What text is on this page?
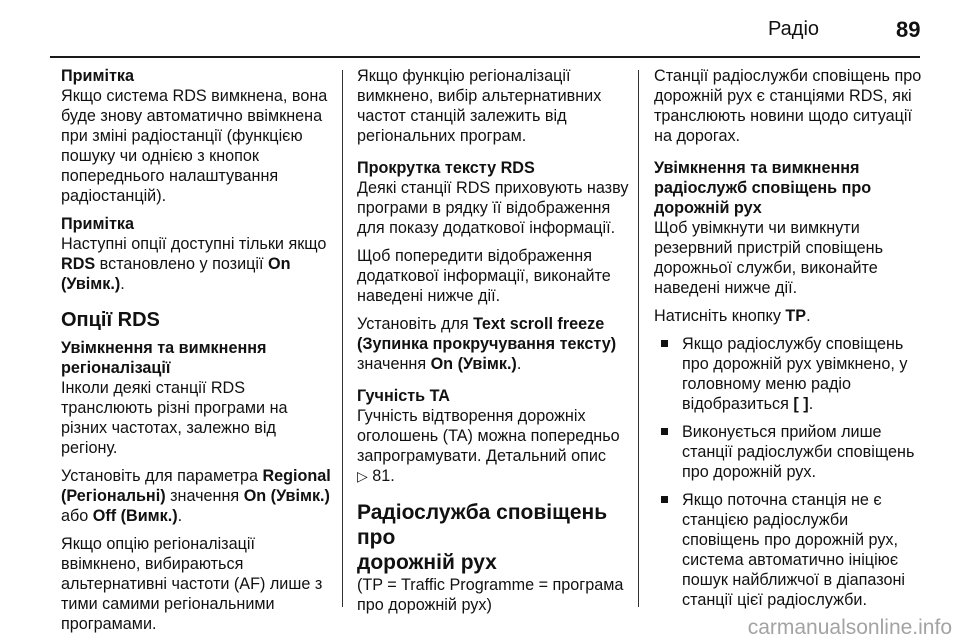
Радіо	89
Примітка

Якщо система RDS вимкнена, вона буде знову автоматично ввімкнена при зміні радіостанції (функцією пошуку чи однією з кнопок попереднього налаштування радіостанцій).

Примітка

Наступні опції доступні тільки якщо RDS встановлено у позиції On (Увімк.).

Опції RDS
Увімкнення та вимкнення
регіоналізації

Інколи деякі станції RDS транслюють різні програми на різних частотах, залежно від регіону.

Установіть для параметра Regional (Регіональні) значення On (Увімк.) або Off (Вимк.).

Якщо опцію регіоналізації ввімкнено, вибираються альтернативні частоти (AF) лише з тими самими регіональними програмами.

Якщо функцію регіоналізації вимкнено, вибір альтернативних частот станцій залежить від регіональних програм.

Прокрутка тексту RDS

Деякі станції RDS приховують назву програми в рядку її відображення для показу додаткової інформації.

Щоб попередити відображення додаткової інформації, виконайте наведені нижче дії.

Установіть для Text scroll freeze (Зупинка прокручування тексту) значення On (Увімк.).

Гучність TA

Гучність відтворення дорожніх оголошень (TA) можна попередньо запрограмувати. Детальний опис
▷ 81.

Радіослужба сповіщень про
дорожній рух

(TP = Traffic Programme = програма про дорожній рух)

Станції радіослужби сповіщень про дорожній рух є станціями RDS, які транслюють новини щодо ситуації на дорогах.

Увімкнення та вимкнення
радіослужб сповіщень про
дорожній рух

Щоб увімкнути чи вимкнути резервний пристрій сповіщень дорожньої служби, виконайте наведені нижче дії.

Натисніть кнопку TP.

Якщо радіослужбу сповіщень про дорожній рух увімкнено, у головному меню радіо відобразиться [ ].
Виконується прийом лише станції радіослужби сповіщень про дорожній рух.
Якщо поточна станція не є станцією радіослужби сповіщень про дорожній рух, система автоматично ініціює пошук найближчої в діапазоні станції цієї радіослужби.
carmanualsonline.info
